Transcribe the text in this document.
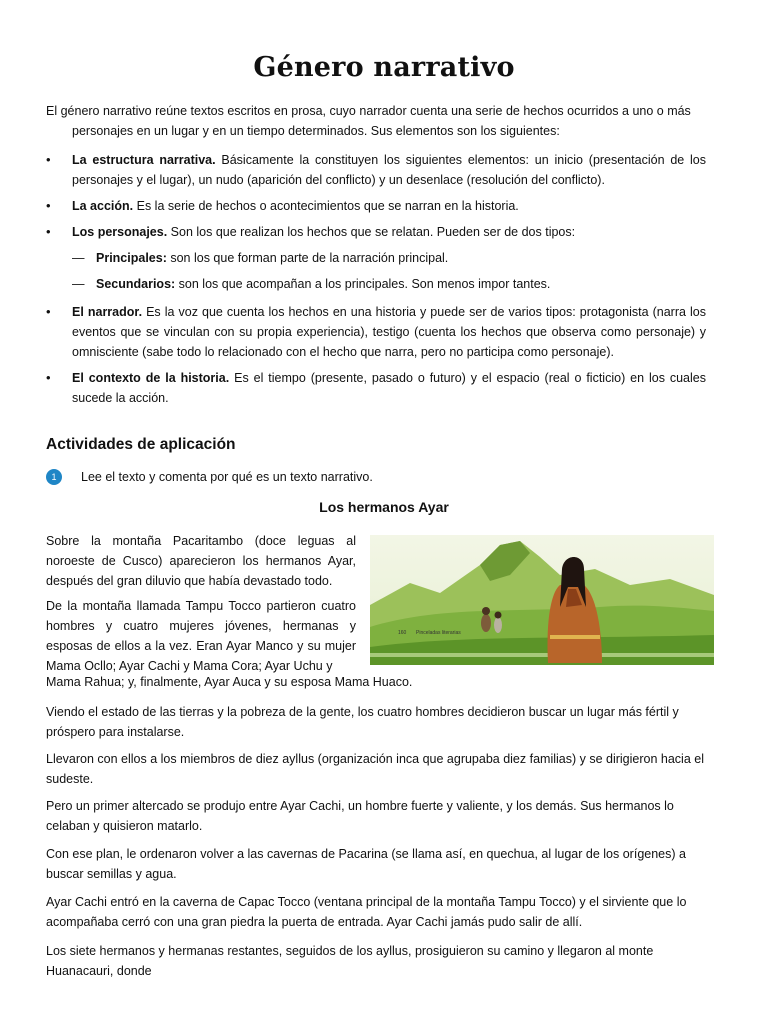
Género narrativo
El género narrativo reúne textos escritos en prosa, cuyo narrador cuenta una serie de hechos ocurridos a uno o más personajes en un lugar y en un tiempo determinados. Sus elementos son los siguientes:
• La estructura narrativa. Básicamente la constituyen los siguientes elementos: un inicio (presentación de los personajes y el lugar), un nudo (aparición del conflicto) y un desenlace (resolución del conflicto).
• La acción. Es la serie de hechos o acontecimientos que se narran en la historia.
• Los personajes. Son los que realizan los hechos que se relatan. Pueden ser de dos tipos:
— Principales: son los que forman parte de la narración principal.
— Secundarios: son los que acompañan a los principales. Son menos impor tantes.
• El narrador. Es la voz que cuenta los hechos en una historia y puede ser de varios tipos: protagonista (narra los eventos que se vinculan con su propia experiencia), testigo (cuenta los hechos que observa como personaje) y omnisciente (sabe todo lo relacionado con el hecho que narra, pero no participa como personaje).
• El contexto de la historia. Es el tiempo (presente, pasado o futuro) y el espacio (real o ficticio) en los cuales sucede la acción.
Actividades de aplicación
1	Lee el texto y comenta por qué es un texto narrativo.
Los hermanos Ayar
Sobre la montaña Pacaritambo (doce leguas al noroeste de Cusco) aparecieron los hermanos Ayar, después del gran diluvio que había devastado todo.
De la montaña llamada Tampu Tocco partieron cuatro hombres y cuatro mujeres jóvenes, hermanas y esposas de ellos a la vez. Eran Ayar Manco y su mujer Mama Ocllo; Ayar Cachi y Mama Cora; Ayar Uchu y
Mama Rahua; y, finalmente, Ayar Auca y su esposa Mama Huaco.
Viendo el estado de las tierras y la pobreza de la gente, los cuatro hombres decidieron buscar un lugar más fértil y próspero para instalarse.
Llevaron con ellos a los miembros de diez ayllus (organización inca que agrupaba diez familias) y se dirigieron hacia el sudeste.
Pero un primer altercado se produjo entre Ayar Cachi, un hombre fuerte y valiente, y los demás. Sus hermanos lo celaban y quisieron matarlo.
Con ese plan, le ordenaron volver a las cavernas de Pacarina (se llama así, en quechua, al lugar de los orígenes) a buscar semillas y agua.
Ayar Cachi entró en la caverna de Capac Tocco (ventana principal de la montaña Tampu Tocco) y el sirviente que lo acompañaba cerró con una gran piedra la puerta de entrada. Ayar Cachi jamás pudo salir de allí.
Los siete hermanos y hermanas restantes, seguidos de los ayllus, prosiguieron su camino y llegaron al monte Huanacauri, donde
160 Pinceladas literarias
